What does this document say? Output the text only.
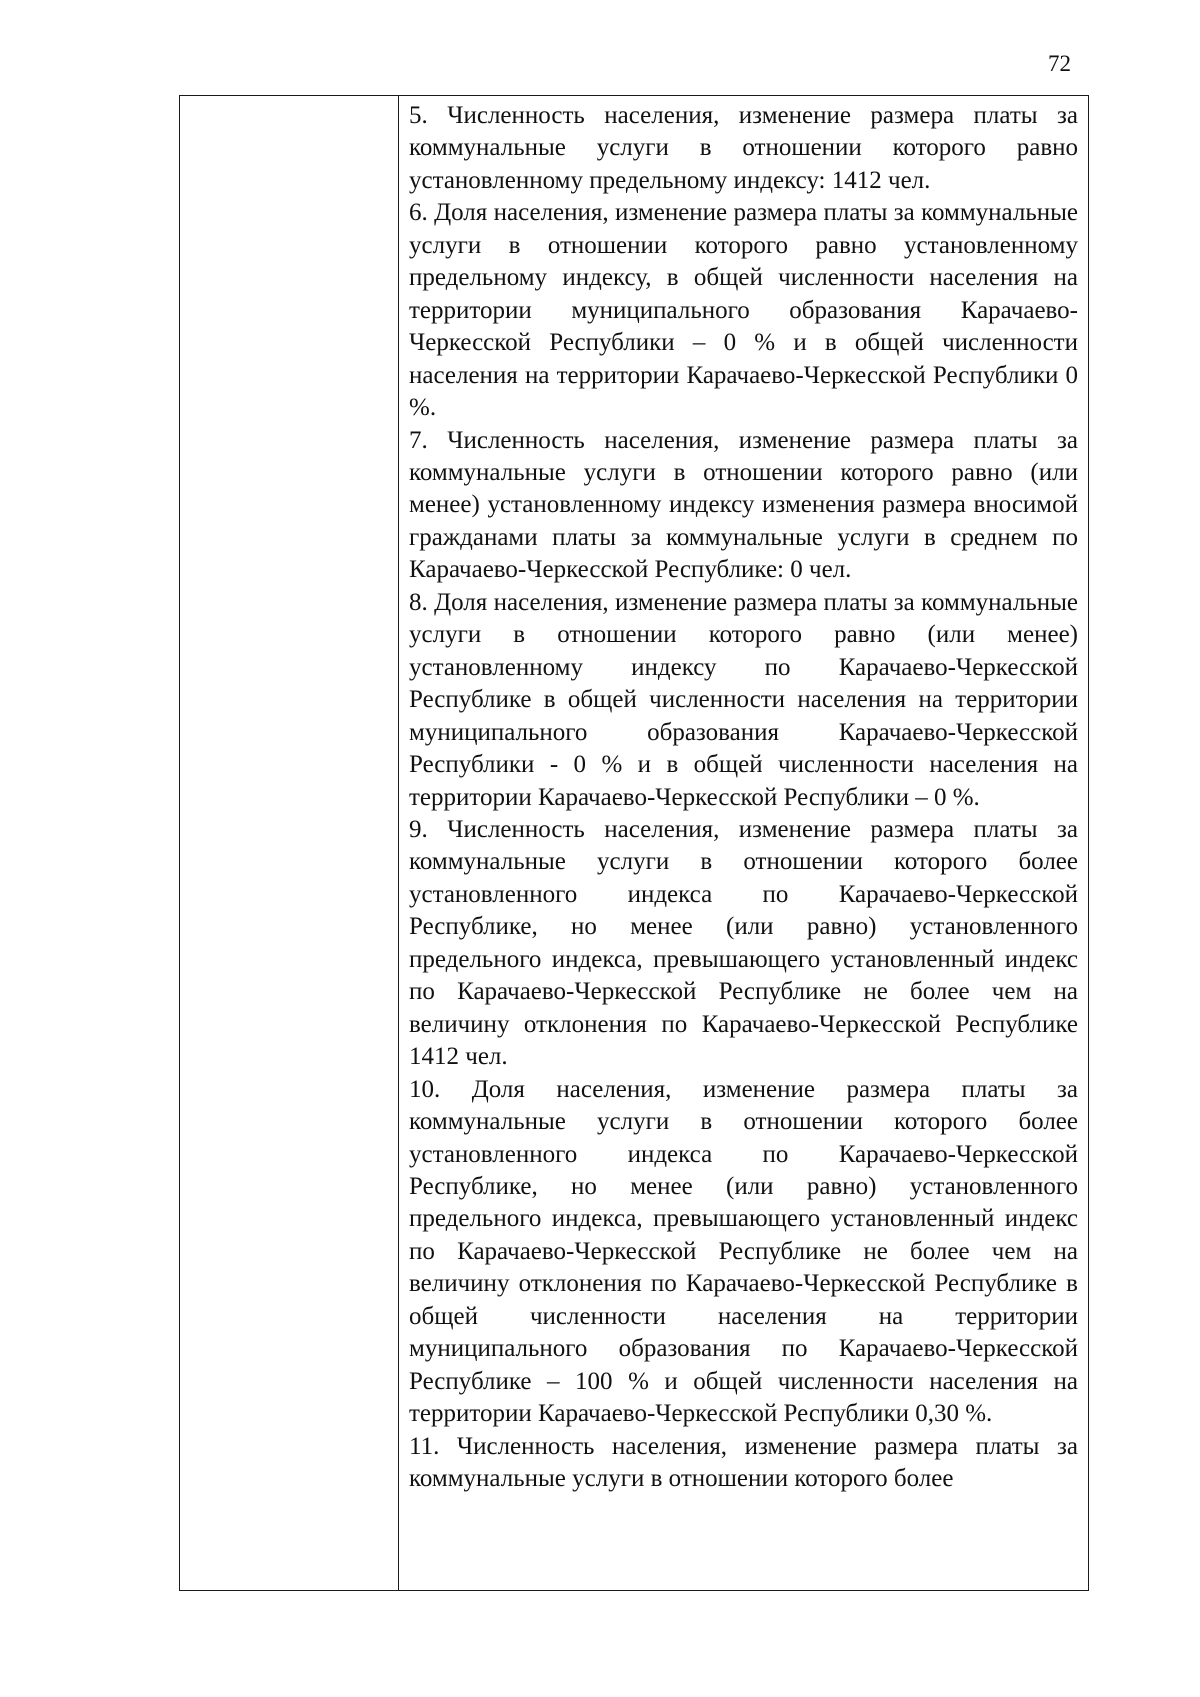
72

5. Численность населения, изменение размера платы за коммунальные услуги в отношении которого равно установленному предельному индексу: 1412 чел.

6. Доля населения, изменение размера платы за коммунальные услуги в отношении которого равно установленному предельному индексу, в общей численности населения на территории муниципального образования Карачаево-Черкесской Республики – 0 % и в общей численности населения на территории Карачаево-Черкесской Республики 0 %.

7. Численность населения, изменение размера платы за коммунальные услуги в отношении которого равно (или менее) установленному индексу изменения размера вносимой гражданами платы за коммунальные услуги в среднем по Карачаево-Черкесской Республике: 0 чел.

8. Доля населения, изменение размера платы за коммунальные услуги в отношении которого равно (или менее) установленному индексу по Карачаево-Черкесской Республике в общей численности населения на территории муниципального образования Карачаево-Черкесской Республики - 0 % и в общей численности населения на территории Карачаево-Черкесской Республики – 0 %.

9. Численность населения, изменение размера платы за коммунальные услуги в отношении которого более установленного индекса по Карачаево-Черкесской Республике, но менее (или равно) установленного предельного индекса, превышающего установленный индекс по Карачаево-Черкесской Республике не более чем на величину отклонения по Карачаево-Черкесской Республике 1412 чел.

10. Доля населения, изменение размера платы за коммунальные услуги в отношении которого более установленного индекса по Карачаево-Черкесской Республике, но менее (или равно) установленного предельного индекса, превышающего установленный индекс по Карачаево-Черкесской Республике не более чем на величину отклонения по Карачаево-Черкесской Республике в общей численности населения на территории муниципального образования по Карачаево-Черкесской Республике – 100 % и общей численности населения на территории Карачаево-Черкесской Республики 0,30 %.

11. Численность населения, изменение размера платы за коммунальные услуги в отношении которого более
